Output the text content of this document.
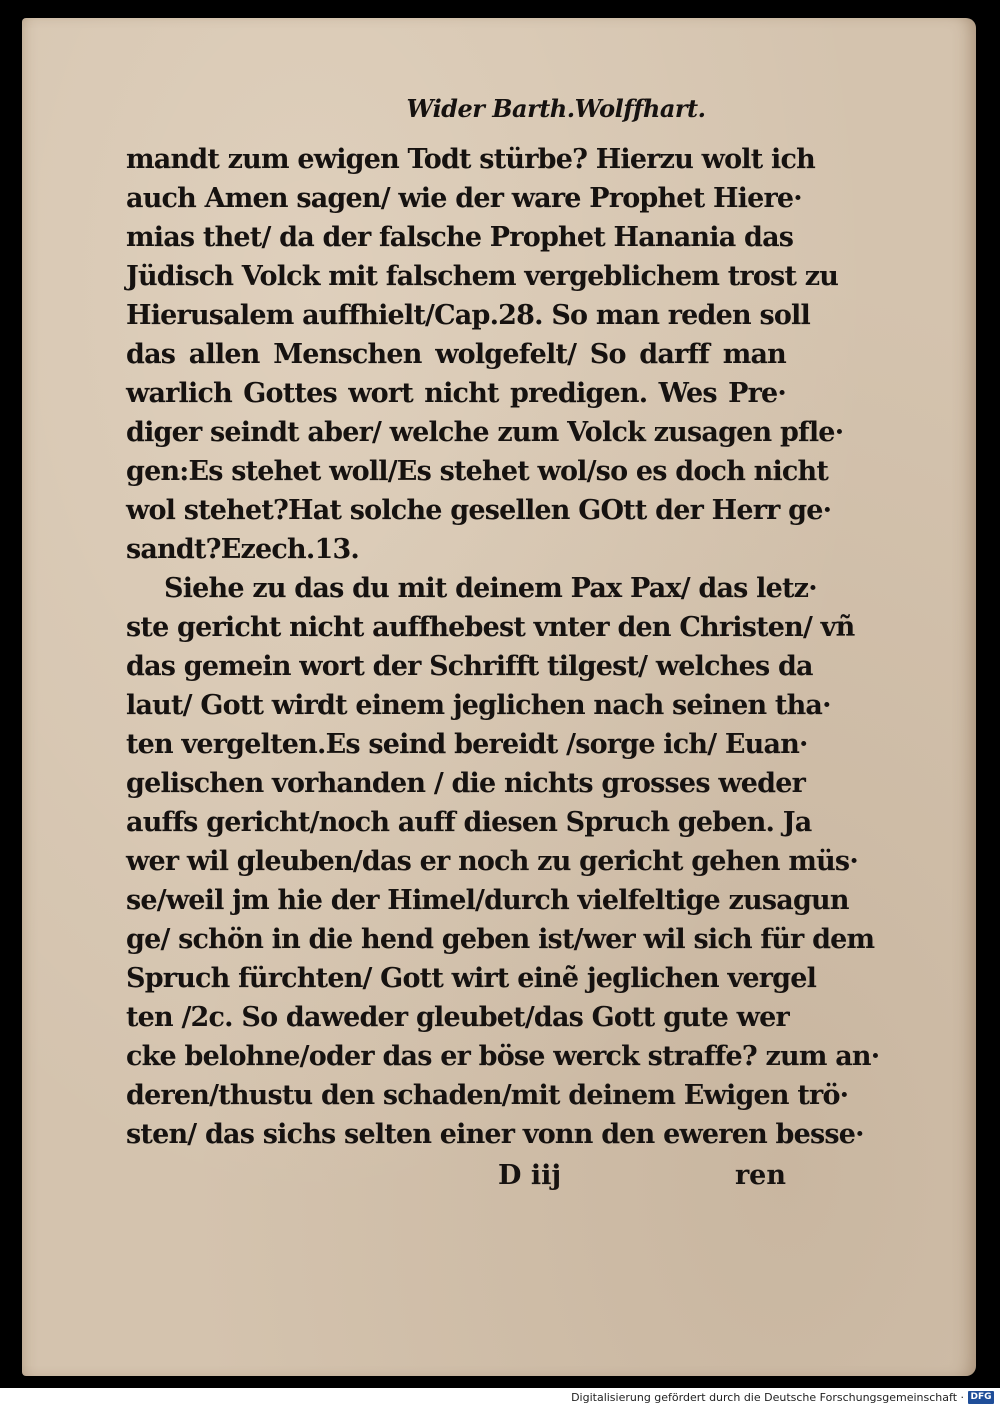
Wider Barth.Wolffhart.
mandt zum ewigen Todt stürbe? Hierzu wolt ich
auch Amen sagen/ wie der ware Prophet Hiere·
mias thet/ da der falsche Prophet Hanania das
Jüdisch Volck mit falschem vergeblichem trost zu
Hierusalem auffhielt/Cap.28. So man reden soll
das allen Menschen wolgefelt/ So darff man
warlich Gottes wort nicht predigen. Wes Pre·
diger seindt aber/ welche zum Volck zusagen pfle·
gen:Es stehet woll/Es stehet wol/so es doch nicht
wol stehet?Hat solche gesellen GOtt der Herr ge·
sandt?Ezech.13.
Siehe zu das du mit deinem Pax Pax/ das letz·
ste gericht nicht auffhebest vnter den Christen/ vñ
das gemein wort der Schrifft tilgest/ welches da
laut/ Gott wirdt einem jeglichen nach seinen tha·
ten vergelten.Es seind bereidt /sorge ich/ Euan·
gelischen vorhanden / die nichts grosses weder
auffs gericht/noch auff diesen Spruch geben. Ja
wer wil gleuben/das er noch zu gericht gehen müs·
se/weil jm hie der Himel/durch vielfeltige zusagun
ge/ schön in die hend geben ist/wer wil sich für dem
Spruch fürchten/ Gott wirt einẽ jeglichen vergel
ten /2c. So daweder gleubet/das Gott gute wer
cke belohne/oder das er böse werck straffe? zum an·
deren/thustu den schaden/mit deinem Ewigen trö·
sten/ das sichs selten einer vonn den eweren besse·
D iij	ren
Digitalisierung gefördert durch die Deutsche Forschungsgemeinschaft · DFG
